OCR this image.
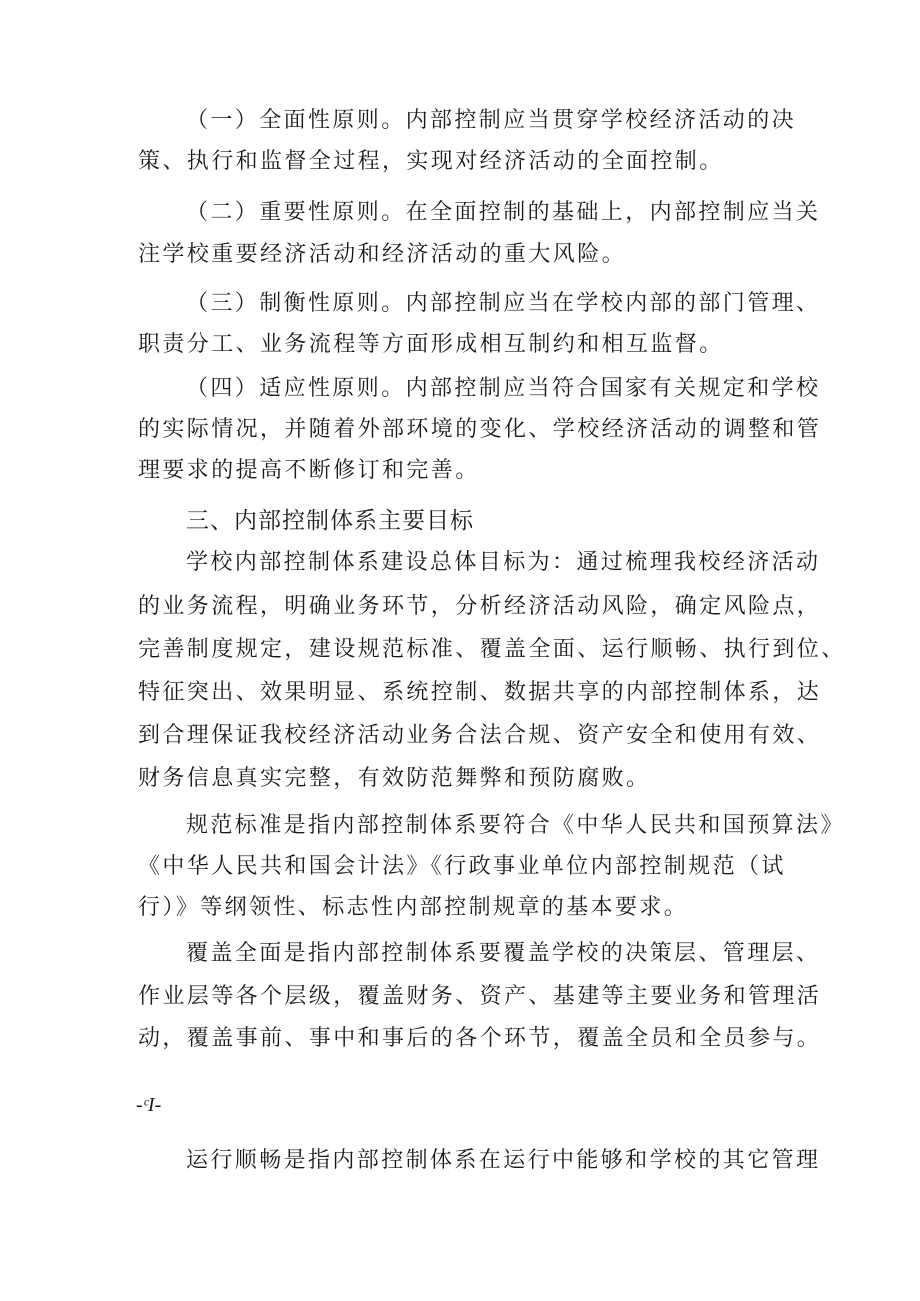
（一）全面性原则。内部控制应当贯穿学校经济活动的决
策、执行和监督全过程，实现对经济活动的全面控制。
（二）重要性原则。在全面控制的基础上，内部控制应当关
注学校重要经济活动和经济活动的重大风险。
（三）制衡性原则。内部控制应当在学校内部的部门管理、
职责分工、业务流程等方面形成相互制约和相互监督。
（四）适应性原则。内部控制应当符合国家有关规定和学校
的实际情况，并随着外部环境的变化、学校经济活动的调整和管
理要求的提高不断修订和完善。
三、内部控制体系主要目标
学校内部控制体系建设总体目标为：通过梳理我校经济活动
的业务流程，明确业务环节，分析经济活动风险，确定风险点，
完善制度规定，建设规范标准、覆盖全面、运行顺畅、执行到位、
特征突出、效果明显、系统控制、数据共享的内部控制体系，达
到合理保证我校经济活动业务合法合规、资产安全和使用有效、
财务信息真实完整，有效防范舞弊和预防腐败。
规范标准是指内部控制体系要符合《中华人民共和国预算法》
《中华人民共和国会计法》《行政事业单位内部控制规范（试
行）》等纲领性、标志性内部控制规章的基本要求。
覆盖全面是指内部控制体系要覆盖学校的决策层、管理层、
作业层等各个层级，覆盖财务、资产、基建等主要业务和管理活
动，覆盖事前、事中和事后的各个环节，覆盖全员和全员参与。
-ᶜI-
运行顺畅是指内部控制体系在运行中能够和学校的其它管理
